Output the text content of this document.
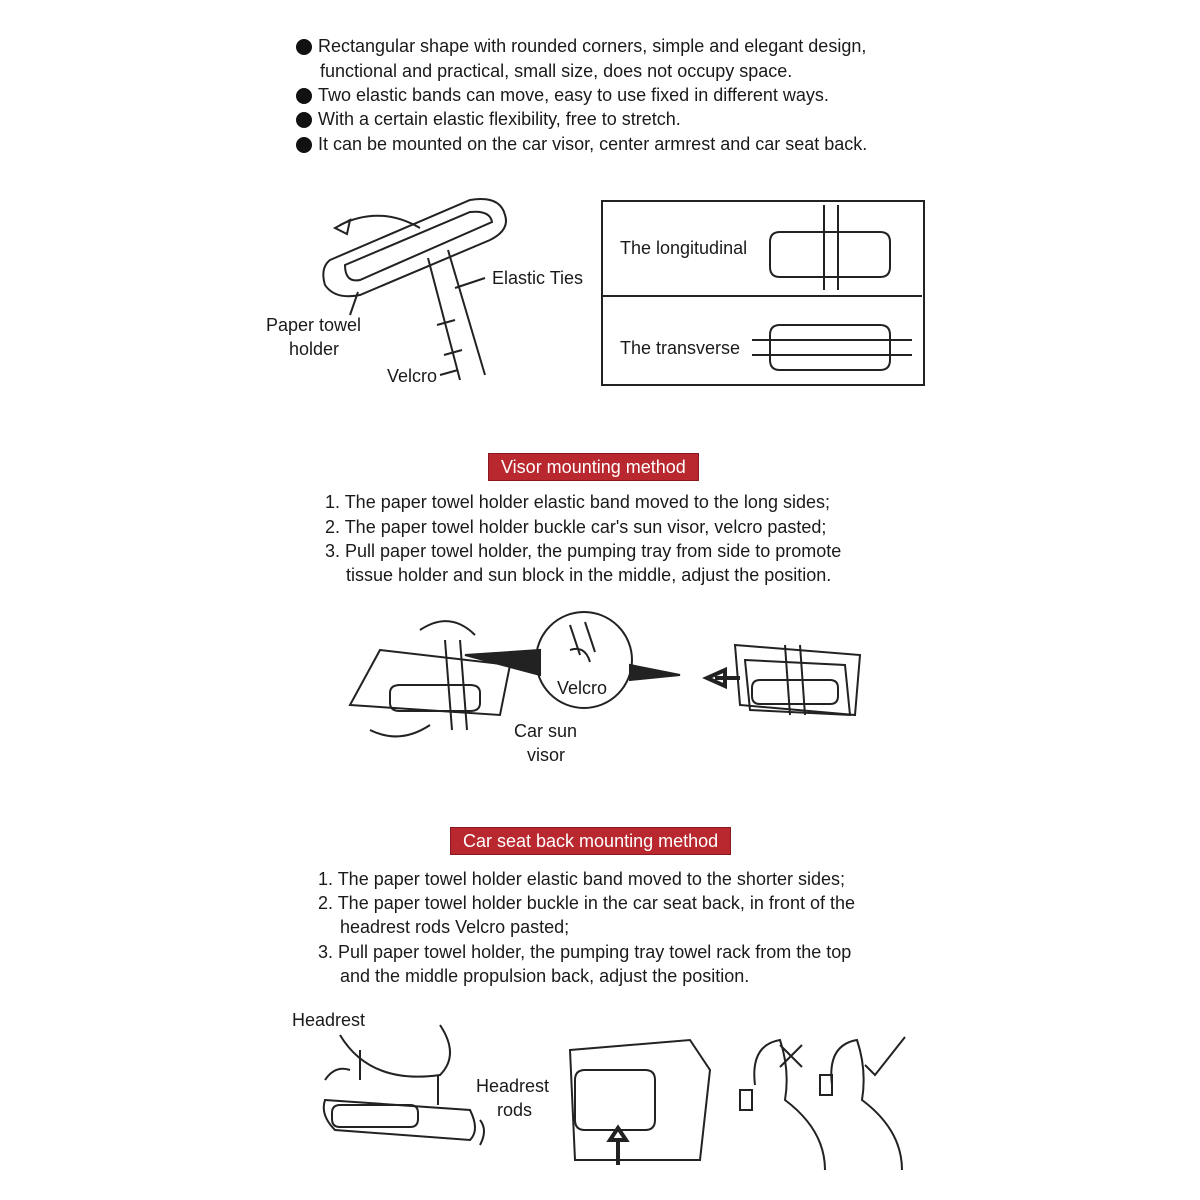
Rectangular shape with rounded corners, simple and elegant design,
functional and practical, small size, does not occupy space.
Two elastic bands can move, easy to use fixed in different ways.
With a certain elastic flexibility, free to stretch.
It can be mounted on the car visor, center armrest and car seat back.
Elastic Ties
Paper towel
holder
Velcro
The longitudinal
The transverse
Visor mounting method
1. The paper towel holder elastic band moved to the long sides;
2. The paper towel holder buckle car's sun visor, velcro pasted;
3. Pull paper towel holder, the pumping tray from side to promote
tissue holder and sun block in the middle, adjust the position.
Velcro
Car sun
visor
Car seat back mounting method
1. The paper towel holder elastic band moved to the shorter sides;
2. The paper towel holder buckle in the car seat back, in front of the
headrest rods Velcro pasted;
3. Pull paper towel holder, the pumping tray towel rack from the top
and the middle propulsion back, adjust the position.
Headrest
Headrest
rods
